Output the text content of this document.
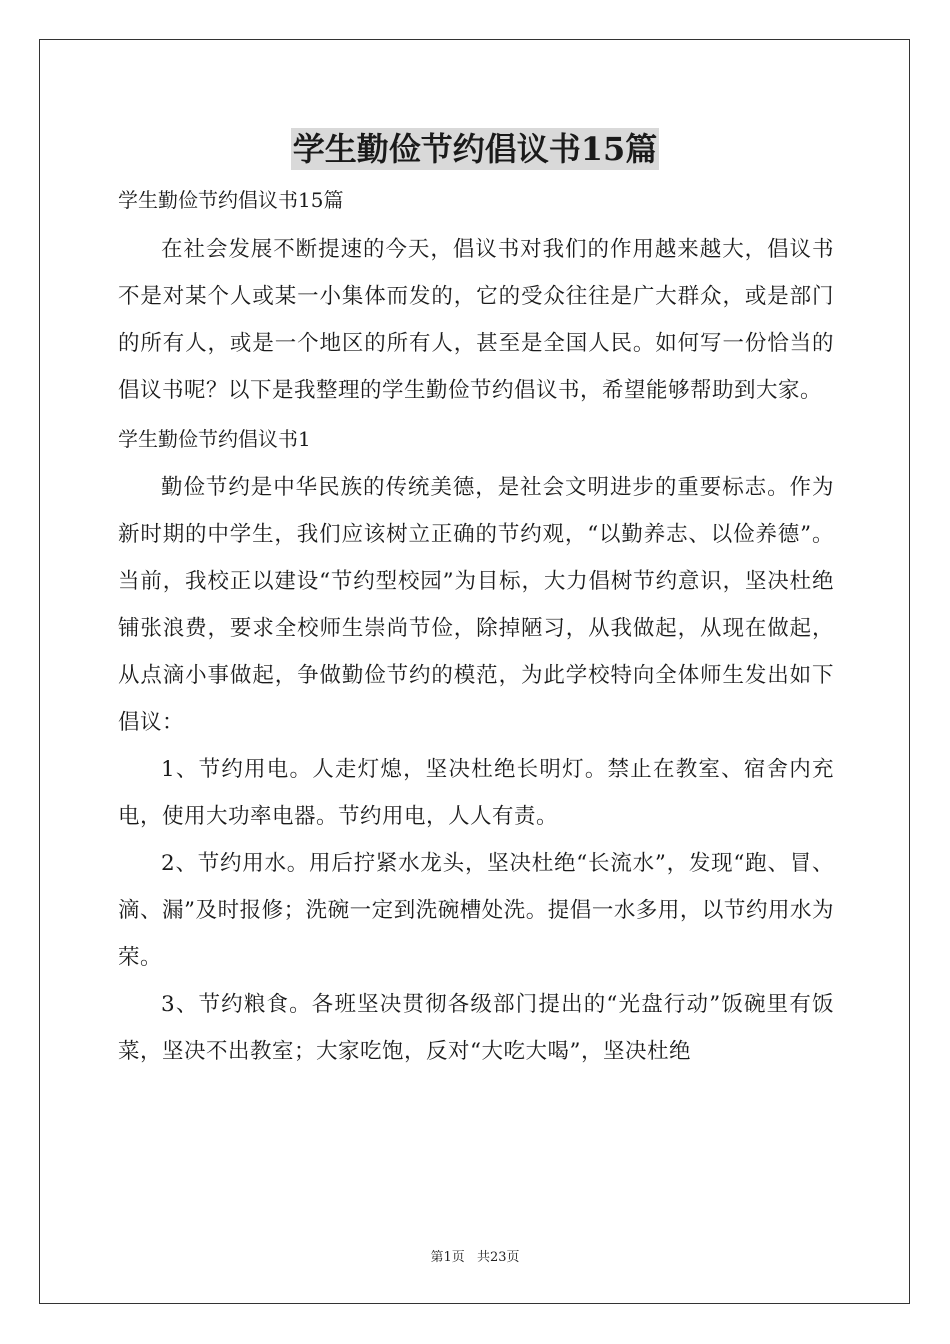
学生勤俭节约倡议书15篇

学生勤俭节约倡议书15篇

在社会发展不断提速的今天，倡议书对我们的作用越来越大，倡议书不是对某个人或某一小集体而发的，它的受众往往是广大群众，或是部门的所有人，或是一个地区的所有人，甚至是全国人民。如何写一份恰当的倡议书呢？以下是我整理的学生勤俭节约倡议书，希望能够帮助到大家。

学生勤俭节约倡议书1

勤俭节约是中华民族的传统美德，是社会文明进步的重要标志。作为新时期的中学生，我们应该树立正确的节约观，“以勤养志、以俭养德”。当前，我校正以建设“节约型校园”为目标，大力倡树节约意识，坚决杜绝铺张浪费，要求全校师生崇尚节俭，除掉陋习，从我做起，从现在做起，从点滴小事做起，争做勤俭节约的模范，为此学校特向全体师生发出如下倡议：

1、节约用电。人走灯熄，坚决杜绝长明灯。禁止在教室、宿舍内充电，使用大功率电器。节约用电，人人有责。

2、节约用水。用后拧紧水龙头，坚决杜绝“长流水”，发现“跑、冒、滴、漏”及时报修；洗碗一定到洗碗槽处洗。提倡一水多用，以节约用水为荣。

3、节约粮食。各班坚决贯彻各级部门提出的“光盘行动”饭碗里有饭菜，坚决不出教室；大家吃饱，反对“大吃大喝”，坚决杜绝

第1页 共23页
